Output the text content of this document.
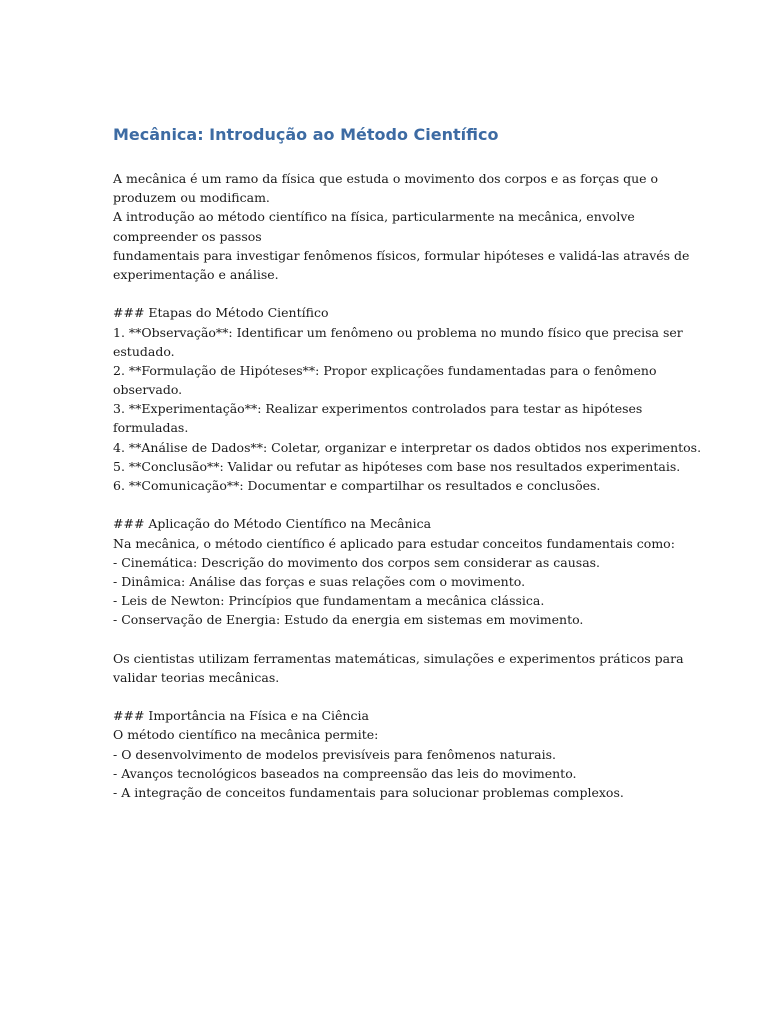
Mecânica: Introdução ao Método Científico
A mecânica é um ramo da física que estuda o movimento dos corpos e as forças que o
produzem ou modificam.
A introdução ao método científico na física, particularmente na mecânica, envolve
compreender os passos
fundamentais para investigar fenômenos físicos, formular hipóteses e validá-las através de
experimentação e análise.
### Etapas do Método Científico
1. **Observação**: Identificar um fenômeno ou problema no mundo físico que precisa ser
estudado.
2. **Formulação de Hipóteses**: Propor explicações fundamentadas para o fenômeno
observado.
3. **Experimentação**: Realizar experimentos controlados para testar as hipóteses
formuladas.
4. **Análise de Dados**: Coletar, organizar e interpretar os dados obtidos nos experimentos.
5. **Conclusão**: Validar ou refutar as hipóteses com base nos resultados experimentais.
6. **Comunicação**: Documentar e compartilhar os resultados e conclusões.
### Aplicação do Método Científico na Mecânica
Na mecânica, o método científico é aplicado para estudar conceitos fundamentais como:
- Cinemática: Descrição do movimento dos corpos sem considerar as causas.
- Dinâmica: Análise das forças e suas relações com o movimento.
- Leis de Newton: Princípios que fundamentam a mecânica clássica.
- Conservação de Energia: Estudo da energia em sistemas em movimento.
Os cientistas utilizam ferramentas matemáticas, simulações e experimentos práticos para
validar teorias mecânicas.
### Importância na Física e na Ciência
O método científico na mecânica permite:
- O desenvolvimento de modelos previsíveis para fenômenos naturais.
- Avanços tecnológicos baseados na compreensão das leis do movimento.
- A integração de conceitos fundamentais para solucionar problemas complexos.
